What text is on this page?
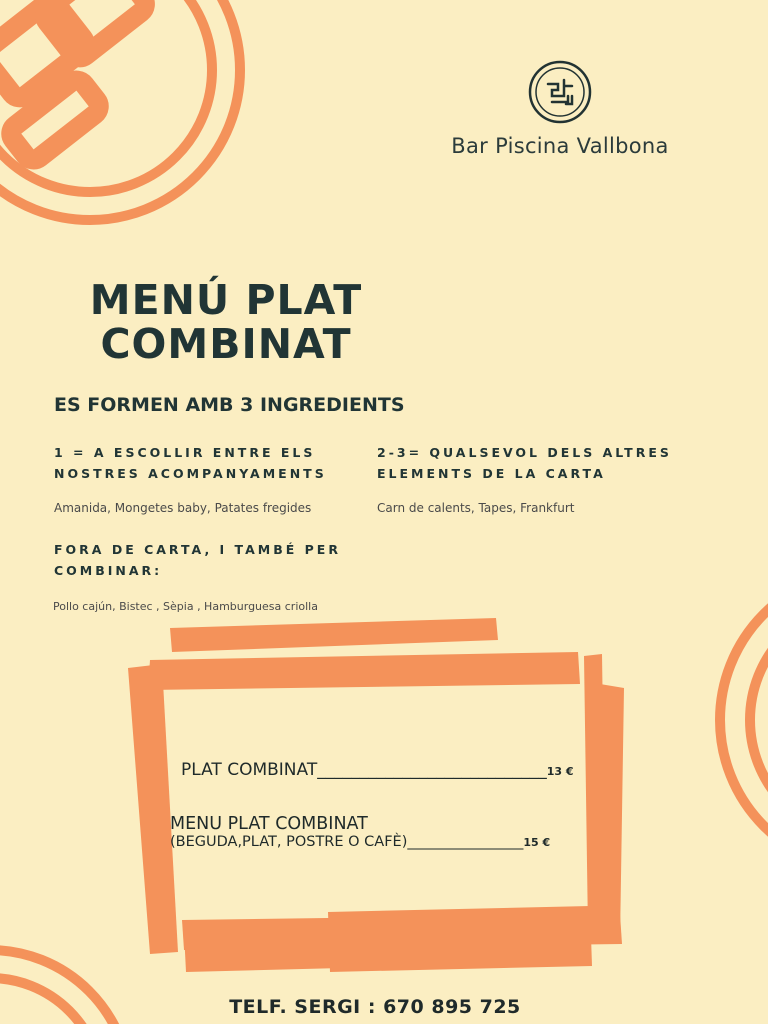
Bar Piscina Vallbona
MENÚ PLAT
COMBINAT
ES FORMEN AMB 3 INGREDIENTS
1 = A ESCOLLIR ENTRE ELS
NOSTRES ACOMPANYAMENTS
2-3= QUALSEVOL DELS ALTRES
ELEMENTS DE LA CARTA
Amanida, Mongetes baby, Patates fregides	Carn de calents, Tapes, Frankfurt
FORA DE CARTA, I TAMBÉ PER
COMBINAR:
Pollo cajún, Bistec , Sèpia , Hamburguesa criolla
PLAT COMBINAT___________________________13 €
MENU PLAT COMBINAT
(BEGUDA,PLAT, POSTRE O CAFÈ)________________15 €
TELF. SERGI : 670 895 725
